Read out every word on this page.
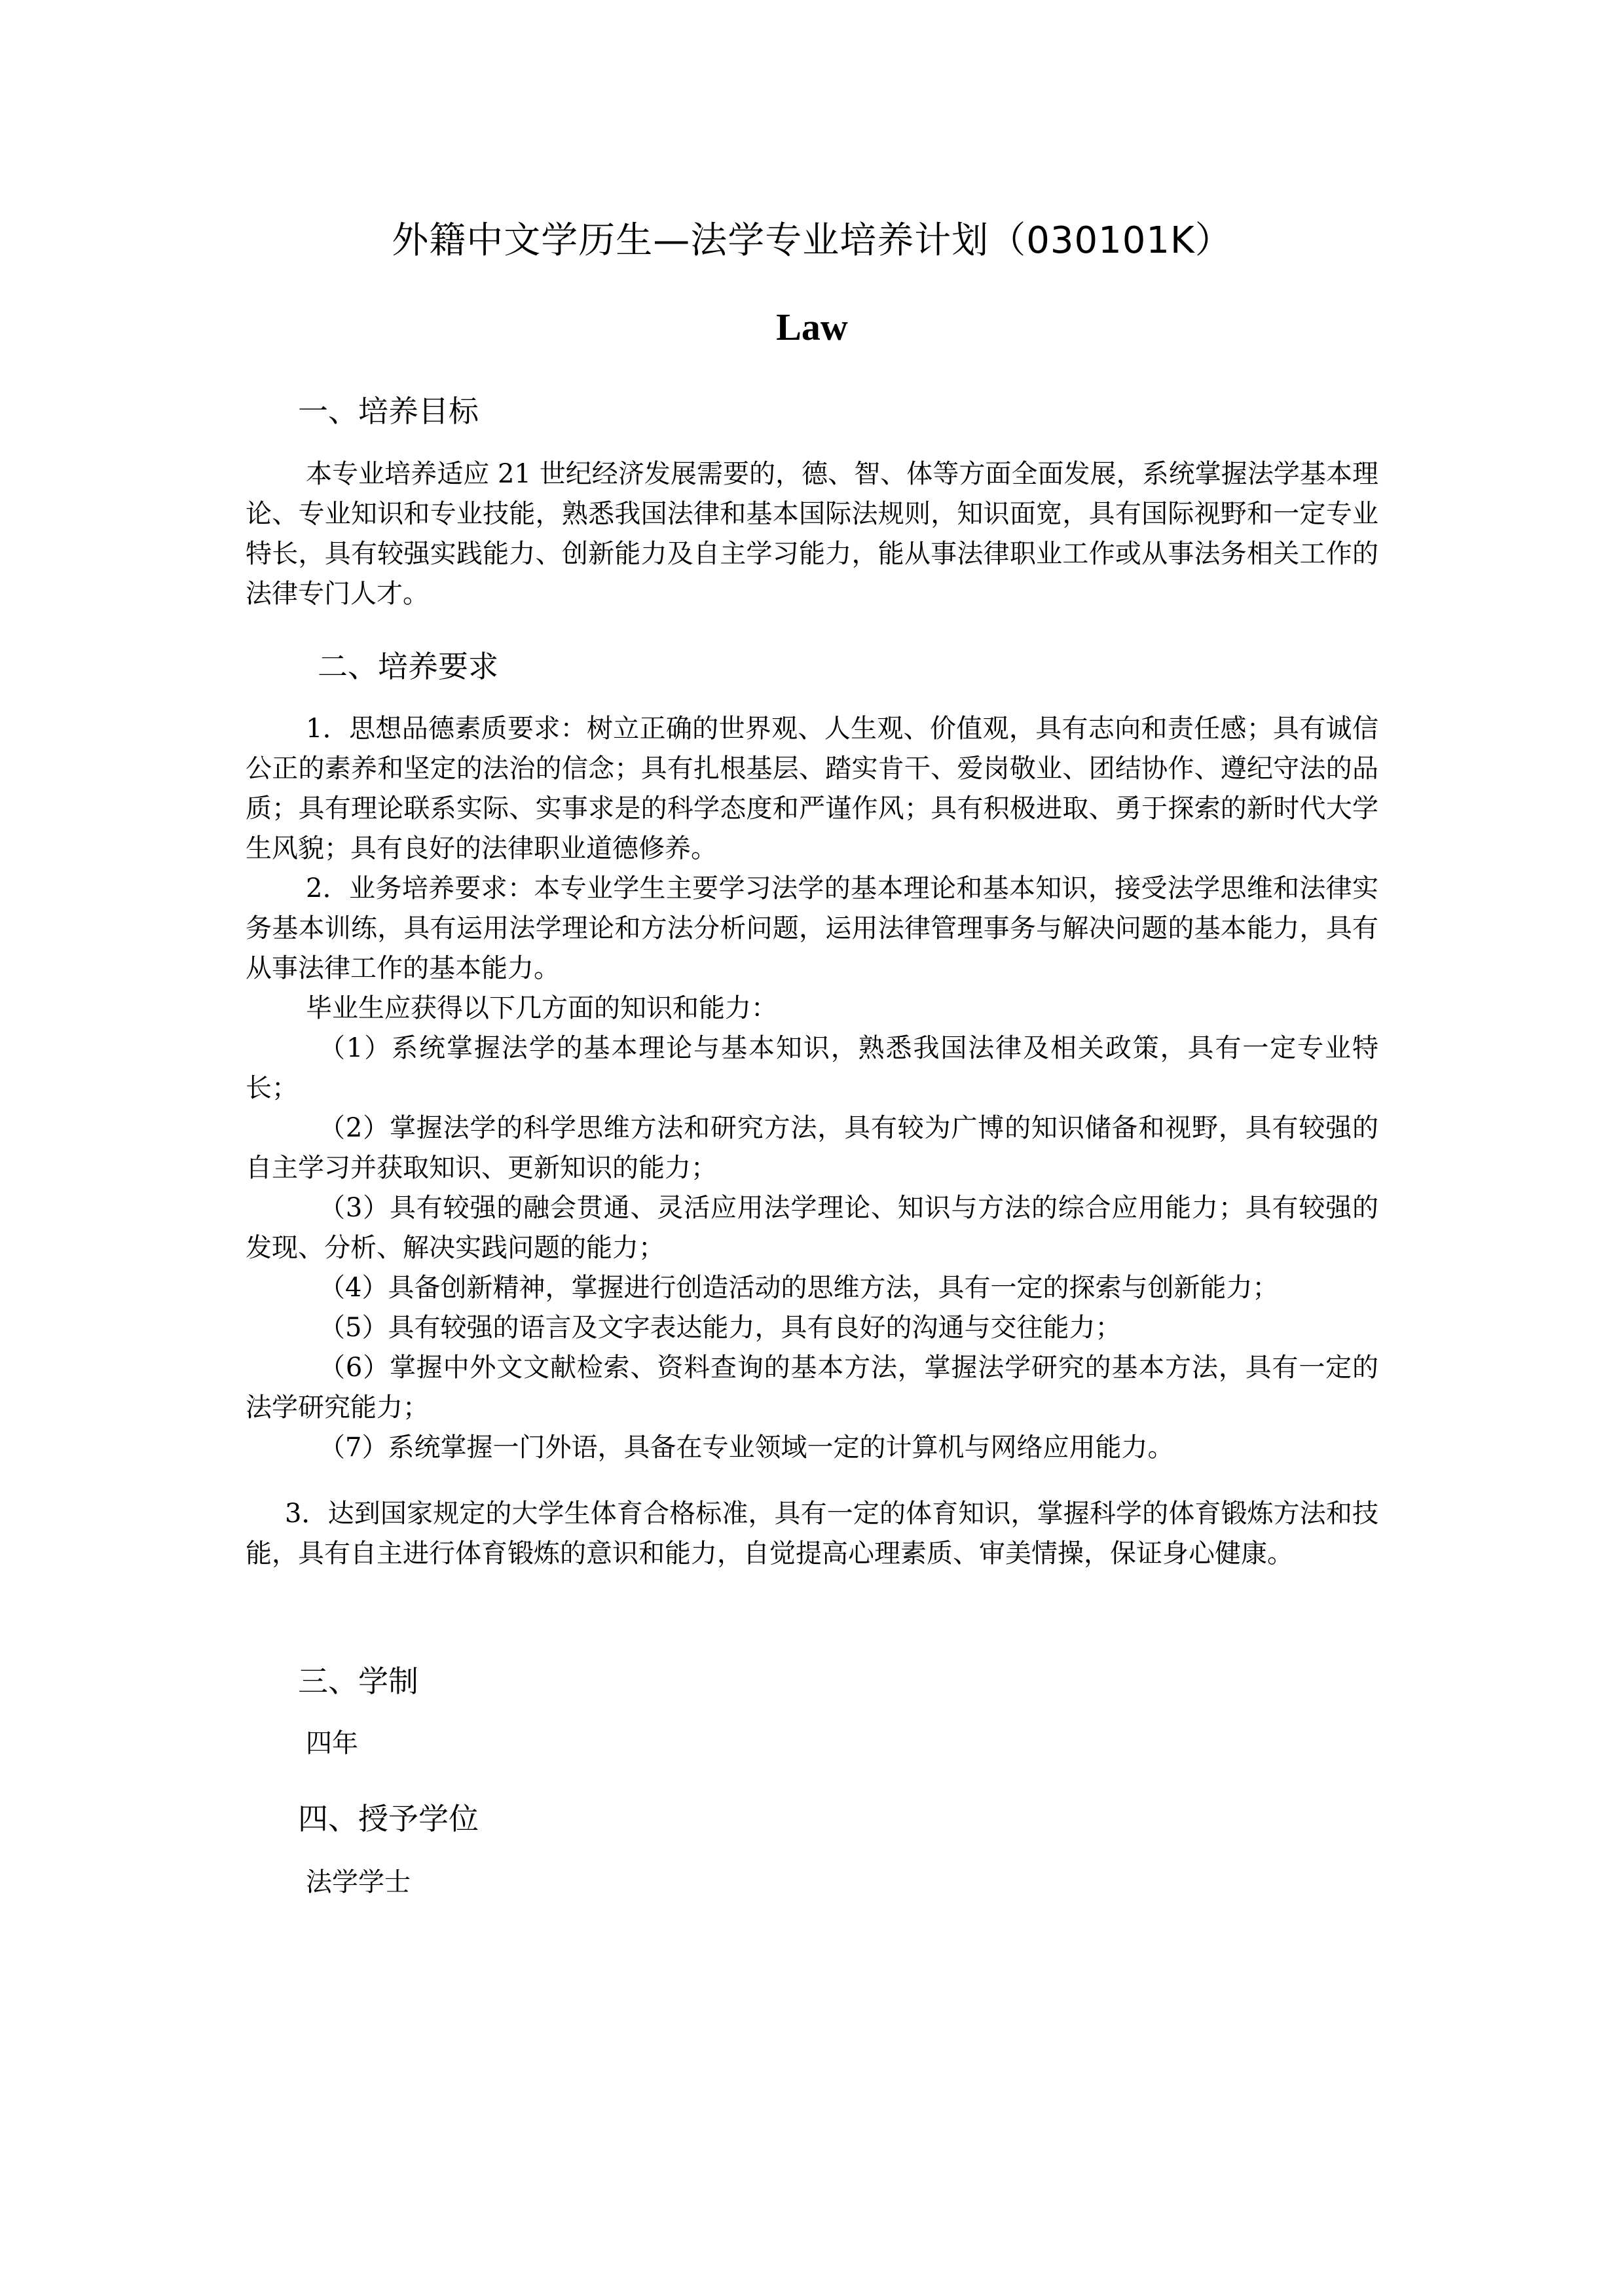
外籍中文学历生—法学专业培养计划（030101K）
Law
一、培养目标
本专业培养适应 21 世纪经济发展需要的，德、智、体等方面全面发展，系统掌握法学基本理论、专业知识和专业技能，熟悉我国法律和基本国际法规则，知识面宽，具有国际视野和一定专业特长，具有较强实践能力、创新能力及自主学习能力，能从事法律职业工作或从事法务相关工作的法律专门人才。
二、培养要求
1．思想品德素质要求：树立正确的世界观、人生观、价值观，具有志向和责任感；具有诚信公正的素养和坚定的法治的信念；具有扎根基层、踏实肯干、爱岗敬业、团结协作、遵纪守法的品质；具有理论联系实际、实事求是的科学态度和严谨作风；具有积极进取、勇于探索的新时代大学生风貌；具有良好的法律职业道德修养。
2．业务培养要求：本专业学生主要学习法学的基本理论和基本知识，接受法学思维和法律实务基本训练，具有运用法学理论和方法分析问题，运用法律管理事务与解决问题的基本能力，具有从事法律工作的基本能力。
毕业生应获得以下几方面的知识和能力：
（1）系统掌握法学的基本理论与基本知识，熟悉我国法律及相关政策，具有一定专业特长；
（2）掌握法学的科学思维方法和研究方法，具有较为广博的知识储备和视野，具有较强的自主学习并获取知识、更新知识的能力；
（3）具有较强的融会贯通、灵活应用法学理论、知识与方法的综合应用能力；具有较强的发现、分析、解决实践问题的能力；
（4）具备创新精神，掌握进行创造活动的思维方法，具有一定的探索与创新能力；
（5）具有较强的语言及文字表达能力，具有良好的沟通与交往能力；
（6）掌握中外文文献检索、资料查询的基本方法，掌握法学研究的基本方法，具有一定的法学研究能力；
（7）系统掌握一门外语，具备在专业领域一定的计算机与网络应用能力。
3．达到国家规定的大学生体育合格标准，具有一定的体育知识，掌握科学的体育锻炼方法和技能，具有自主进行体育锻炼的意识和能力，自觉提高心理素质、审美情操，保证身心健康。
三、学制
四年
四、授予学位
法学学士
